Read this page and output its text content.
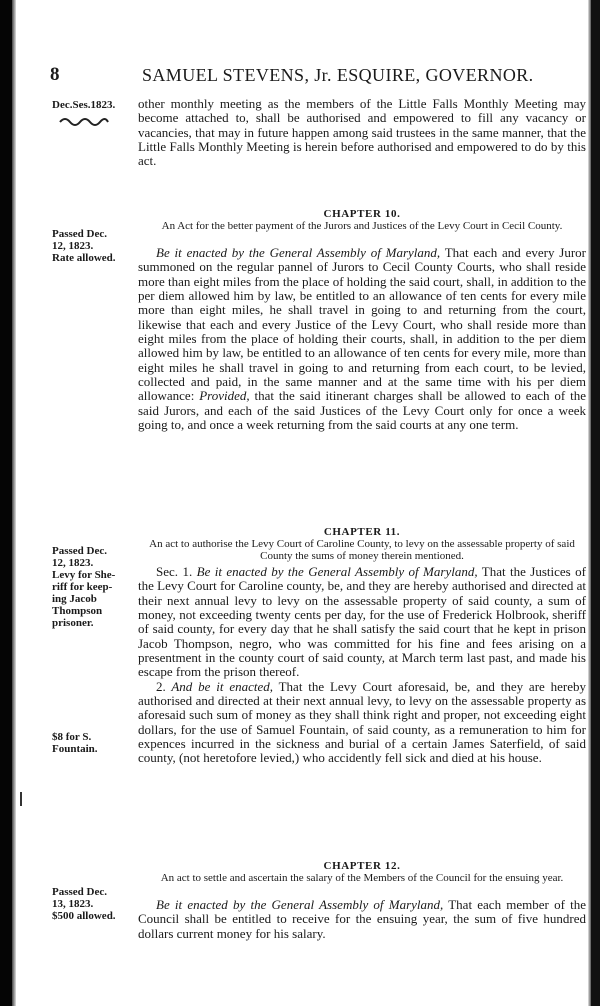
8	SAMUEL STEVENS, Jr. ESQUIRE, GOVERNOR.
Dec.Ses.1823.
Passed Dec.
12, 1823.
Rate allowed.
Passed Dec.
12, 1823.
Levy for She-
riff for keep-
ing Jacob
Thompson
prisoner.
$8 for S.
Fountain.
Passed Dec.
13, 1823.
$500 allowed.

other monthly meeting as the members of the Little Falls Monthly Meeting may become attached to, shall be authorised and empowered to fill any vacancy or vacancies, that may in future happen among said trustees in the same manner, that the Little Falls Monthly Meeting is herein before authorised and empowered to do by this act.

CHAPTER 10.
An Act for the better payment of the Jurors and Justices of the Levy Court in Cecil County.

Be it enacted by the General Assembly of Maryland, That each and every Juror summoned on the regular pannel of Jurors to Cecil County Courts, who shall reside more than eight miles from the place of holding the said court, shall, in addition to the per diem allowed him by law, be entitled to an allowance of ten cents for every mile more than eight miles, he shall travel in going to and returning from the court, likewise that each and every Justice of the Levy Court, who shall reside more than eight miles from the place of holding their courts, shall, in addition to the per diem allowed him by law, be entitled to an allowance of ten cents for every mile, more than eight miles he shall travel in going to and returning from each court, to be levied, collected and paid, in the same manner and at the same time with his per diem allowance: Provided, that the said itinerant charges shall be allowed to each of the said Jurors, and each of the said Justices of the Levy Court only for once a week going to, and once a week returning from the said courts at any one term.

CHAPTER 11.
An act to authorise the Levy Court of Caroline County, to levy on the assessable property of said County the sums of money therein mentioned.

Sec. 1. Be it enacted by the General Assembly of Maryland, That the Justices of the Levy Court for Caroline county, be, and they are hereby authorised and directed at their next annual levy to levy on the assessable property of said county, a sum of money, not exceeding twenty cents per day, for the use of Frederick Holbrook, sheriff of said county, for every day that he shall satisfy the said court that he kept in prison Jacob Thompson, negro, who was committed for his fine and fees arising on a presentment in the county court of said county, at March term last past, and made his escape from the prison thereof.

2. And be it enacted, That the Levy Court aforesaid, be, and they are hereby authorised and directed at their next annual levy, to levy on the assessable property as aforesaid such sum of money as they shall think right and proper, not exceeding eight dollars, for the use of Samuel Fountain, of said county, as a remuneration to him for expences incurred in the sickness and burial of a certain James Saterfield, of said county, (not heretofore levied,) who accidently fell sick and died at his house.

CHAPTER 12.
An act to settle and ascertain the salary of the Members of the Council for the ensuing year.

Be it enacted by the General Assembly of Maryland, That each member of the Council shall be entitled to receive for the ensuing year, the sum of five hundred dollars current money for his salary.
